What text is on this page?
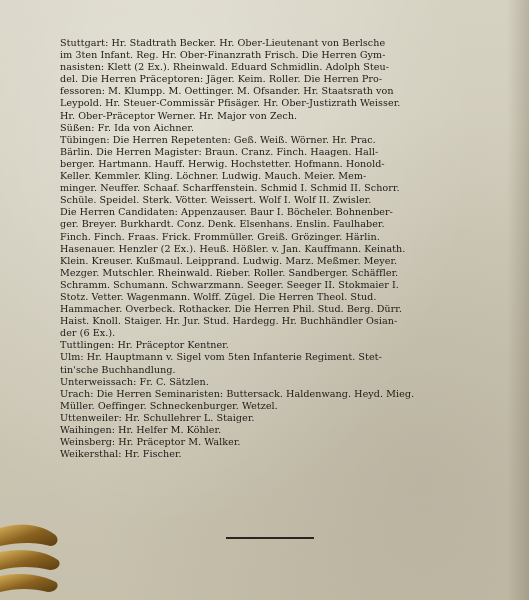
Stuttgart: Hr. Stadtrath Becker. Hr. Ober-Lieutenant von Berlsche
im 3ten Infant. Reg. Hr. Ober-Finanzrath Frisch. Die Herren Gym-
nasisten: Klett (2 Ex.). Rheinwald. Eduard Schmidlin. Adolph Steu-
del. Die Herren Präceptoren: Jäger. Keim. Roller. Die Herren Pro-
fessoren: M. Klumpp. M. Oettinger. M. Ofsander. Hr. Staatsrath von
Leypold. Hr. Steuer-Commissär Pfisäger. Hr. Ober-Justizrath Weisser.
Hr. Ober-Präceptor Werner. Hr. Major von Zech.
Süßen: Fr. Ida von Aichner.
Tübingen: Die Herren Repetenten: Geß. Weiß. Wörner. Hr. Prac.
Bärlin. Die Herren Magister: Braun. Cranz. Finch. Haagen. Hall-
berger. Hartmann. Hauff. Herwig. Hochstetter. Hofmann. Honold-
Keller. Kemmler. Kling. Löchner. Ludwig. Mauch. Meier. Mem-
minger. Neuffer. Schaaf. Scharffenstein. Schmid I. Schmid II. Schorr.
Schüle. Speidel. Sterk. Vötter. Weissert. Wolf I. Wolf II. Zwisler.
Die Herren Candidaten: Appenzauser. Baur I. Böcheler. Bohnenber-
ger. Breyer. Burkhardt. Conz. Denk. Elsenhans. Enslin. Faulhaber.
Finch. Finch. Fraas. Frick. Frommüller. Greiß. Grözinger. Härlin.
Hasenauer. Henzler (2 Ex.). Heuß. Hößler. v. Jan. Kauffmann. Keinath.
Klein. Kreuser. Kußmaul. Leipprand. Ludwig. Marz. Meßmer. Meyer.
Mezger. Mutschler. Rheinwald. Rieber. Roller. Sandberger. Schäffler.
Schramm. Schumann. Schwarzmann. Seeger. Seeger II. Stokmaier I.
Stotz. Vetter. Wagenmann. Wolff. Zügel. Die Herren Theol. Stud.
Hammacher. Overbeck. Rothacker. Die Herren Phil. Stud. Berg. Dürr.
Haist. Knoll. Staiger. Hr. Jur. Stud. Hardegg. Hr. Buchhändler Osian-
der (6 Ex.).
Tuttlingen: Hr. Präceptor Kentner.
Ulm: Hr. Hauptmann v. Sigel vom 5ten Infanterie Regiment. Stet-
tin'sche Buchhandlung.
Unterweissach: Fr. C. Sätzlen.
Urach: Die Herren Seminaristen: Buttersack. Haldenwang. Heyd. Mieg.
Müller. Oeffinger. Schneckenburger. Wetzel.
Uttenweiler: Hr. Schullehrer L. Staiger.
Waihingen: Hr. Helfer M. Köhler.
Weinsberg: Hr. Präceptor M. Walker.
Weikersthal: Hr. Fischer.
